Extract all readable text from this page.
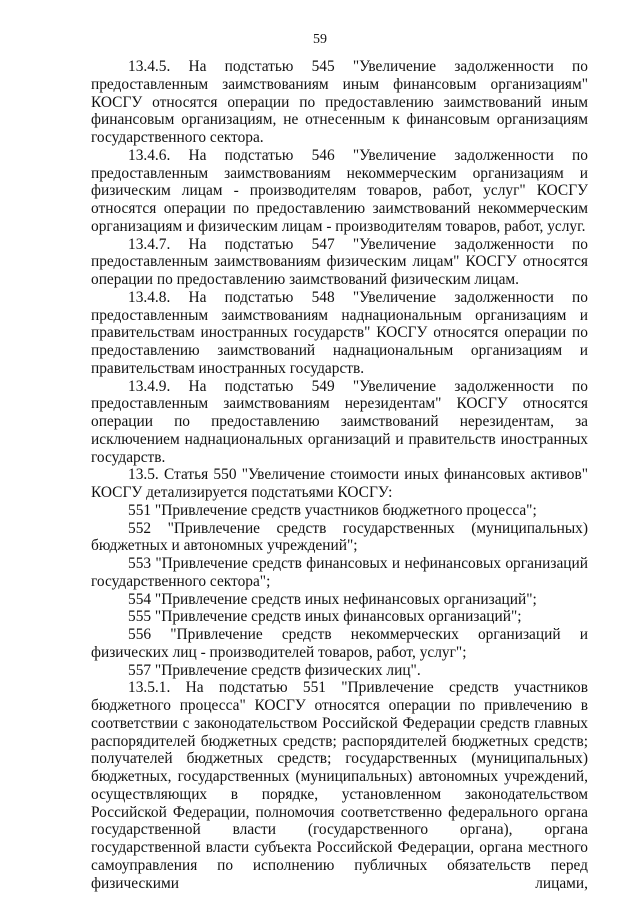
59

13.4.5. На подстатью 545 "Увеличение задолженности по предоставленным заимствованиям иным финансовым организациям" КОСГУ относятся операции по предоставлению заимствований иным финансовым организациям, не отнесенным к финансовым организациям государственного сектора.

13.4.6. На подстатью 546 "Увеличение задолженности по предоставленным заимствованиям некоммерческим организациям и физическим лицам - производителям товаров, работ, услуг" КОСГУ относятся операции по предоставлению заимствований некоммерческим организациям и физическим лицам - производителям товаров, работ, услуг.

13.4.7. На подстатью 547 "Увеличение задолженности по предоставленным заимствованиям физическим лицам" КОСГУ относятся операции по предоставлению заимствований физическим лицам.

13.4.8. На подстатью 548 "Увеличение задолженности по предоставленным заимствованиям наднациональным организациям и правительствам иностранных государств" КОСГУ относятся операции по предоставлению заимствований наднациональным организациям и правительствам иностранных государств.

13.4.9. На подстатью 549 "Увеличение задолженности по предоставленным заимствованиям нерезидентам" КОСГУ относятся операции по предоставлению заимствований нерезидентам, за исключением наднациональных организаций и правительств иностранных государств.

13.5. Статья 550 "Увеличение стоимости иных финансовых активов" КОСГУ детализируется подстатьями КОСГУ:

551 "Привлечение средств участников бюджетного процесса";

552 "Привлечение средств государственных (муниципальных) бюджетных и автономных учреждений";

553 "Привлечение средств финансовых и нефинансовых организаций государственного сектора";

554 "Привлечение средств иных нефинансовых организаций";

555 "Привлечение средств иных финансовых организаций";

556 "Привлечение средств некоммерческих организаций и физических лиц - производителей товаров, работ, услуг";

557 "Привлечение средств физических лиц".

13.5.1. На подстатью 551 "Привлечение средств участников бюджетного процесса" КОСГУ относятся операции по привлечению в соответствии с законодательством Российской Федерации средств главных распорядителей бюджетных средств; распорядителей бюджетных средств; получателей бюджетных средств; государственных (муниципальных) бюджетных, государственных (муниципальных) автономных учреждений, осуществляющих в порядке, установленном законодательством Российской Федерации, полномочия соответственно федерального органа государственной власти (государственного органа), органа государственной власти субъекта Российской Федерации, органа местного самоуправления по исполнению публичных обязательств перед физическими лицами,
